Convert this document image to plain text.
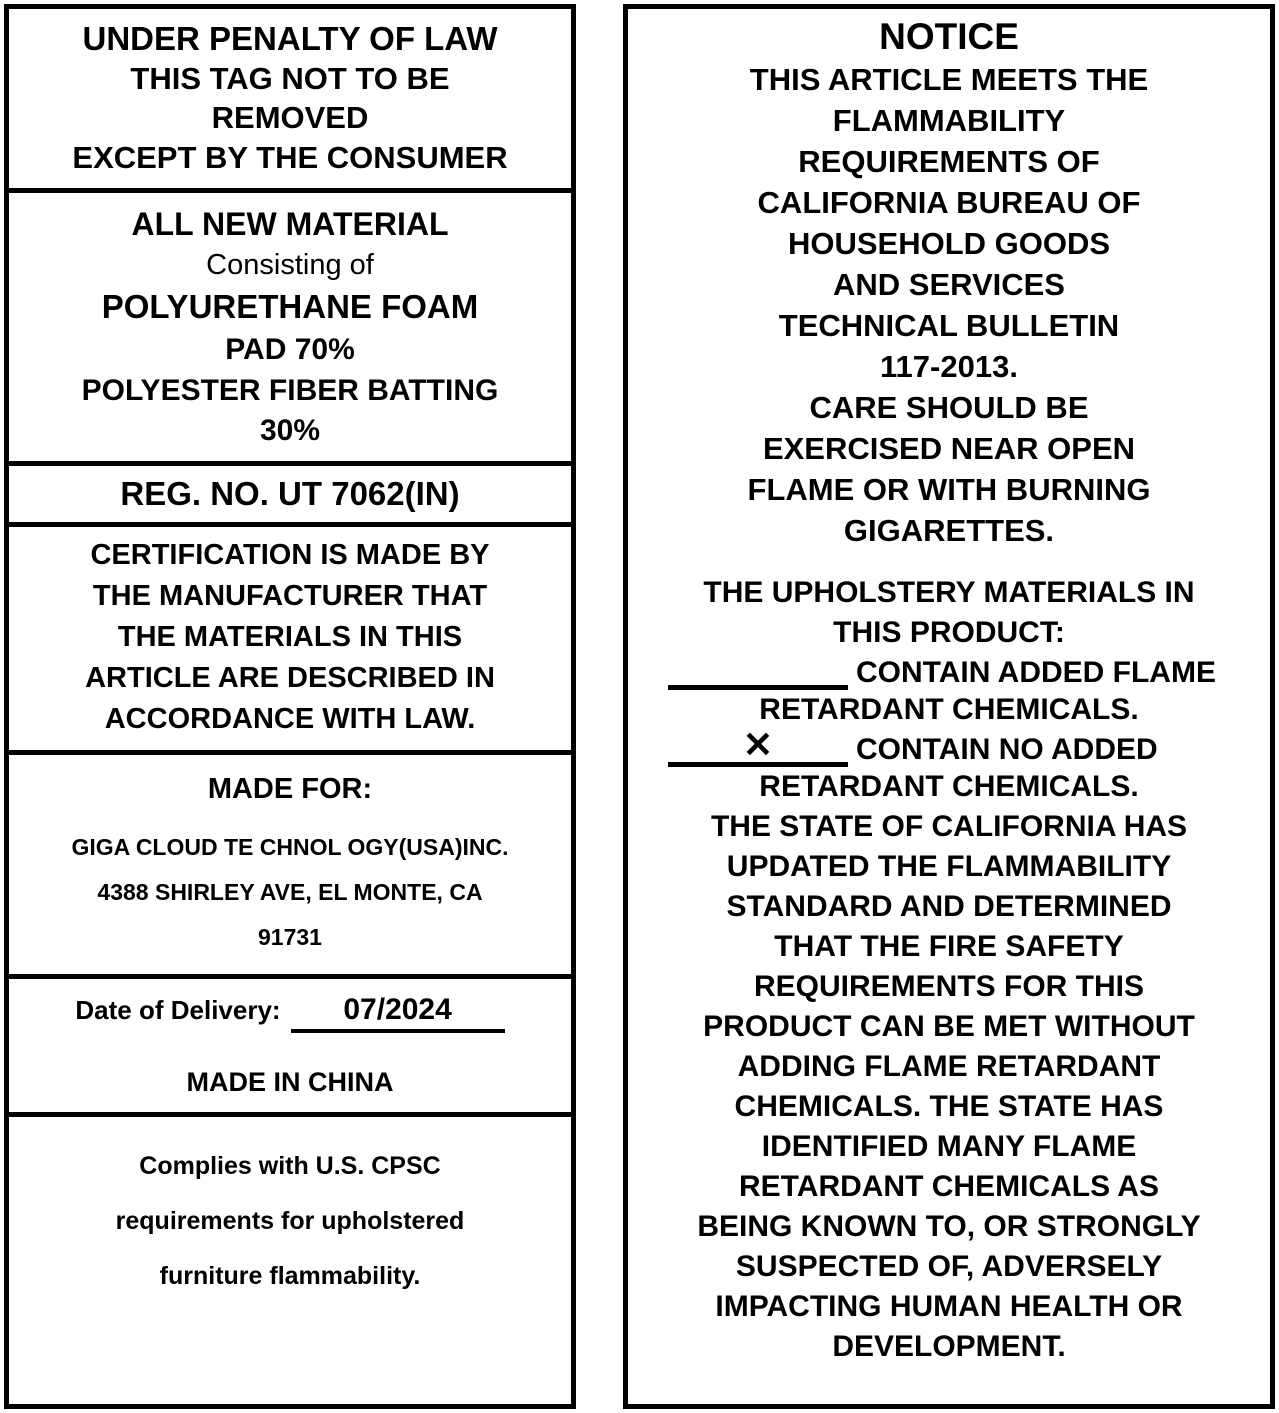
UNDER PENALTY OF LAW
THIS TAG NOT TO BE
REMOVED
EXCEPT BY THE CONSUMER
ALL NEW MATERIAL
Consisting of
POLYURETHANE FOAM
PAD 70%
POLYESTER FIBER BATTING
30%
REG. NO. UT 7062(IN)
CERTIFICATION IS MADE BY
THE MANUFACTURER THAT
THE MATERIALS IN THIS
ARTICLE ARE DESCRIBED IN
ACCORDANCE WITH LAW.
MADE FOR:
GIGA CLOUD TE CHNOL OGY(USA)INC.
4388 SHIRLEY AVE, EL MONTE, CA
91731
Date of Delivery:	07/2024
MADE IN CHINA
Complies with U.S. CPSC
requirements for upholstered
furniture flammability.
NOTICE
THIS ARTICLE MEETS THE
FLAMMABILITY
REQUIREMENTS OF
CALIFORNIA BUREAU OF
HOUSEHOLD GOODS
AND SERVICES
TECHNICAL BULLETIN
117-2013.
CARE SHOULD BE
EXERCISED NEAR OPEN
FLAME OR WITH BURNING
GIGARETTES.
THE UPHOLSTERY MATERIALS IN
THIS PRODUCT:
CONTAIN ADDED FLAME
RETARDANT CHEMICALS.
✕	CONTAIN NO ADDED
RETARDANT CHEMICALS.
THE STATE OF CALIFORNIA HAS
UPDATED THE FLAMMABILITY
STANDARD AND DETERMINED
THAT THE FIRE SAFETY
REQUIREMENTS FOR THIS
PRODUCT CAN BE MET WITHOUT
ADDING FLAME RETARDANT
CHEMICALS. THE STATE HAS
IDENTIFIED MANY FLAME
RETARDANT CHEMICALS AS
BEING KNOWN TO, OR STRONGLY
SUSPECTED OF, ADVERSELY
IMPACTING HUMAN HEALTH OR
DEVELOPMENT.
